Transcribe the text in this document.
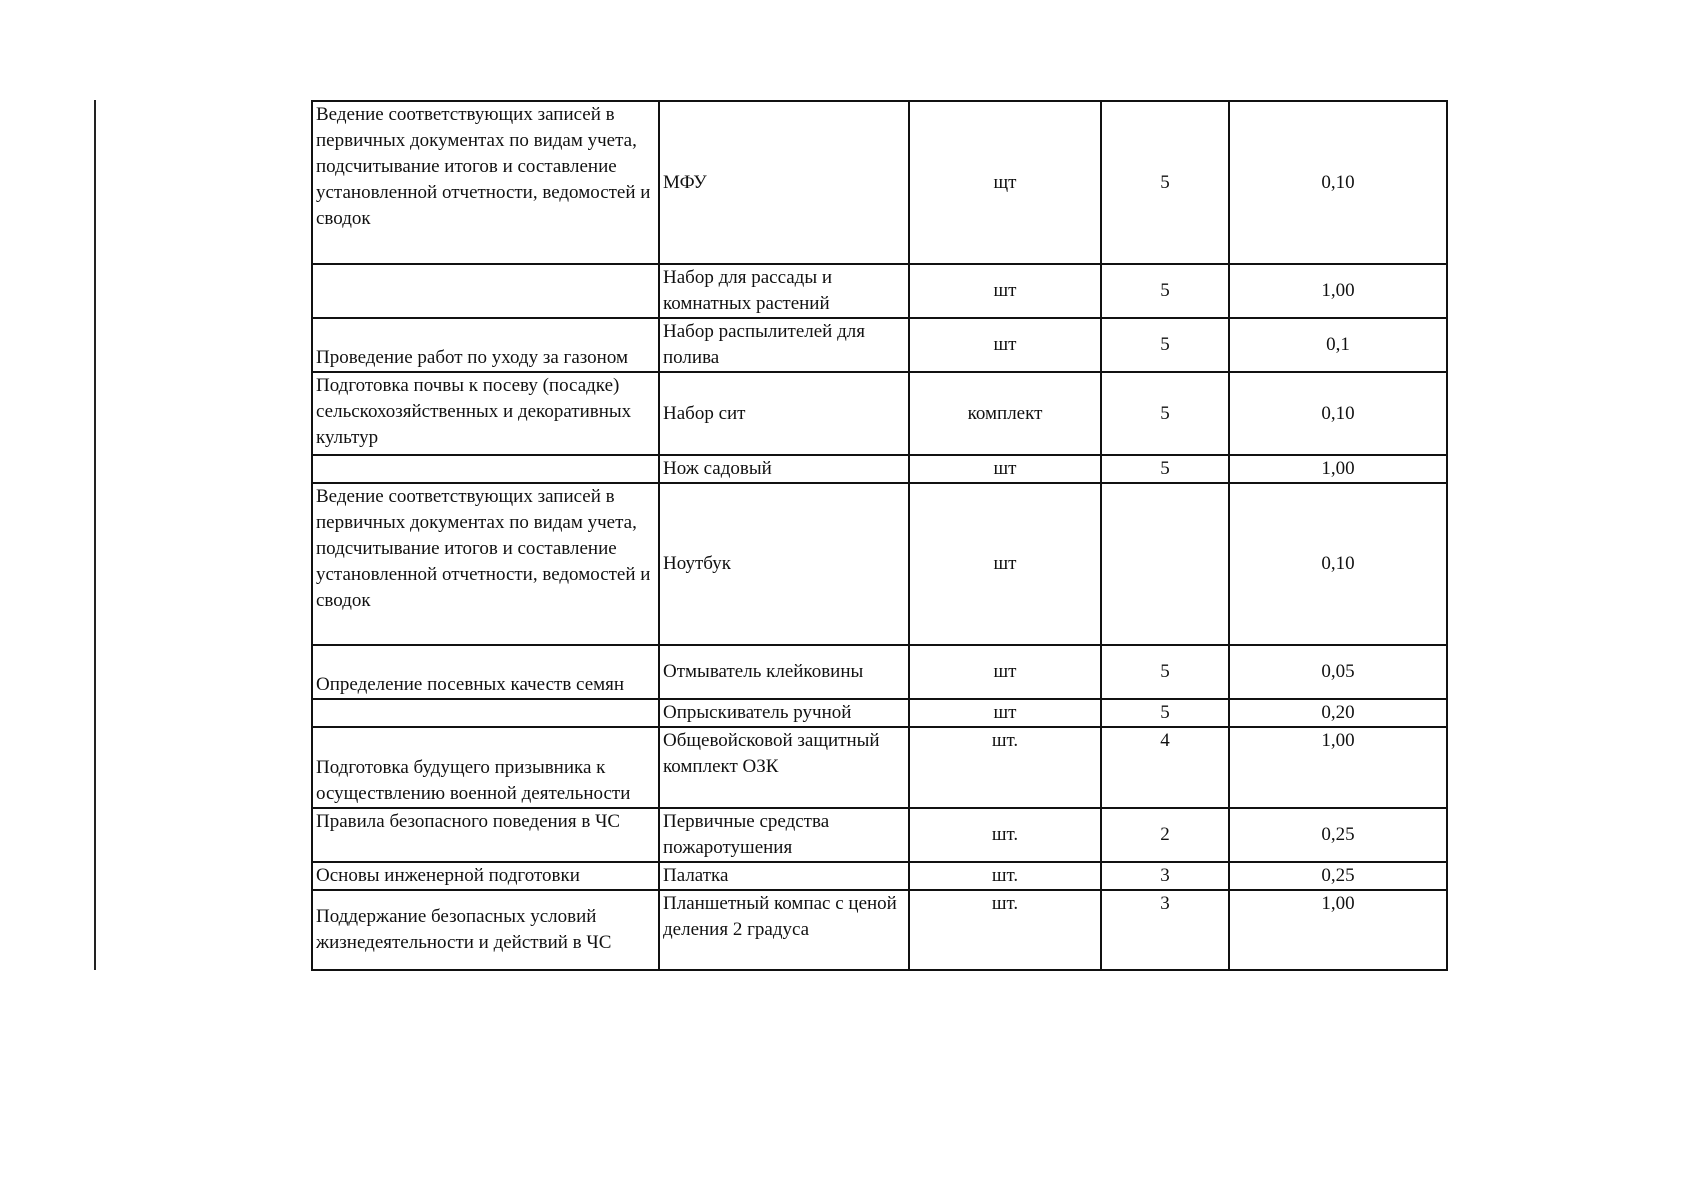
Ведение соответствующих записей в первичных документах по видам учета, подсчитывание итогов и составление установленной отчетности, ведомостей и сводок	МФУ	щт	5	0,10

	Набор для рассады и комнатных растений	шт	5	1,00

Проведение работ по уходу за газоном	Набор распылителей для полива	шт	5	0,1

Подготовка почвы к посеву (посадке) сельскохозяйственных и декоративных культур	Набор сит	комплект	5	0,10

	Нож садовый	шт	5	1,00

Ведение соответствующих записей в первичных документах по видам учета, подсчитывание итогов и составление установленной отчетности, ведомостей и сводок	Ноутбук	шт		0,10

Определение посевных качеств семян	Отмыватель клейковины	шт	5	0,05

	Опрыскиватель ручной	шт	5	0,20

Подготовка будущего призывника к осуществлению военной деятельности	Общевойсковой защитный комплект ОЗК	шт.	4	1,00

Правила безопасного поведения в ЧС	Первичные средства пожаротушения	шт.	2	0,25

Основы инженерной подготовки	Палатка	шт.	3	0,25

Поддержание безопасных условий жизнедеятельности и действий в ЧС	Планшетный компас с ценой деления 2 градуса	шт.	3	1,00
